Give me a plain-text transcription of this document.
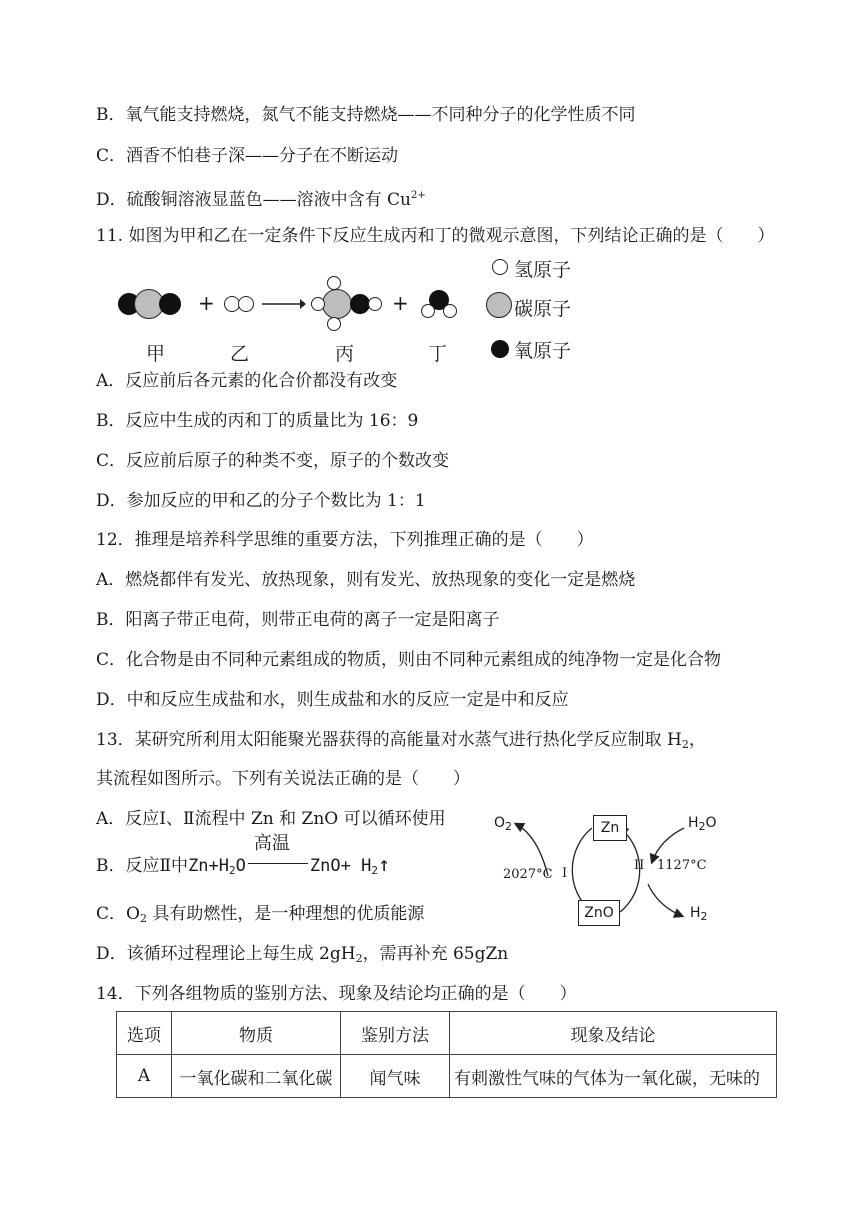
B．氧气能支持燃烧，氮气不能支持燃烧——不同种分子的化学性质不同
C．酒香不怕巷子深——分子在不断运动
D．硫酸铜溶液显蓝色——溶液中含有 $Cu^{2+}$
11. 如图为甲和乙在一定条件下反应生成丙和丁的微观示意图，下列结论正确的是（　　）
+	+
甲	乙	丙	丁
氢原子
碳原子
氧原子
A．反应前后各元素的化合价都没有改变
B．反应中生成的丙和丁的质量比为 16：9
C．反应前后原子的种类不变，原子的个数改变
D．参加反应的甲和乙的分子个数比为 1：1
12．推理是培养科学思维的重要方法，下列推理正确的是（　　）
A．燃烧都伴有发光、放热现象，则有发光、放热现象的变化一定是燃烧
B．阳离子带正电荷，则带正电荷的离子一定是阳离子
C．化合物是由不同种元素组成的物质，则由不同种元素组成的纯净物一定是化合物
D．中和反应生成盐和水，则生成盐和水的反应一定是中和反应
13．某研究所利用太阳能聚光器获得的高能量对水蒸气进行热化学反应制取 $H_2$，
其流程如图所示。下列有关说法正确的是（　　）
A．反应Ⅰ、Ⅱ流程中 Zn 和 ZnO 可以循环使用
B．反应Ⅱ中$Zn+H_2O$
高温
$ZnO+ H_2↑$
C．$O_2$ 具有助燃性，是一种理想的优质能源
D．该循环过程理论上每生成 $2gH_2$，需再补充 65gZn
Zn
ZnO
$O_2$	$H_2O$
$H_2$
2027°C
1127°C
I
II
14．下列各组物质的鉴别方法、现象及结论均正确的是（　　）
选项	物质	鉴别方法	现象及结论
A	一氧化碳和二氧化碳	闻气味	有刺激性气味的气体为一氧化碳，无味的
